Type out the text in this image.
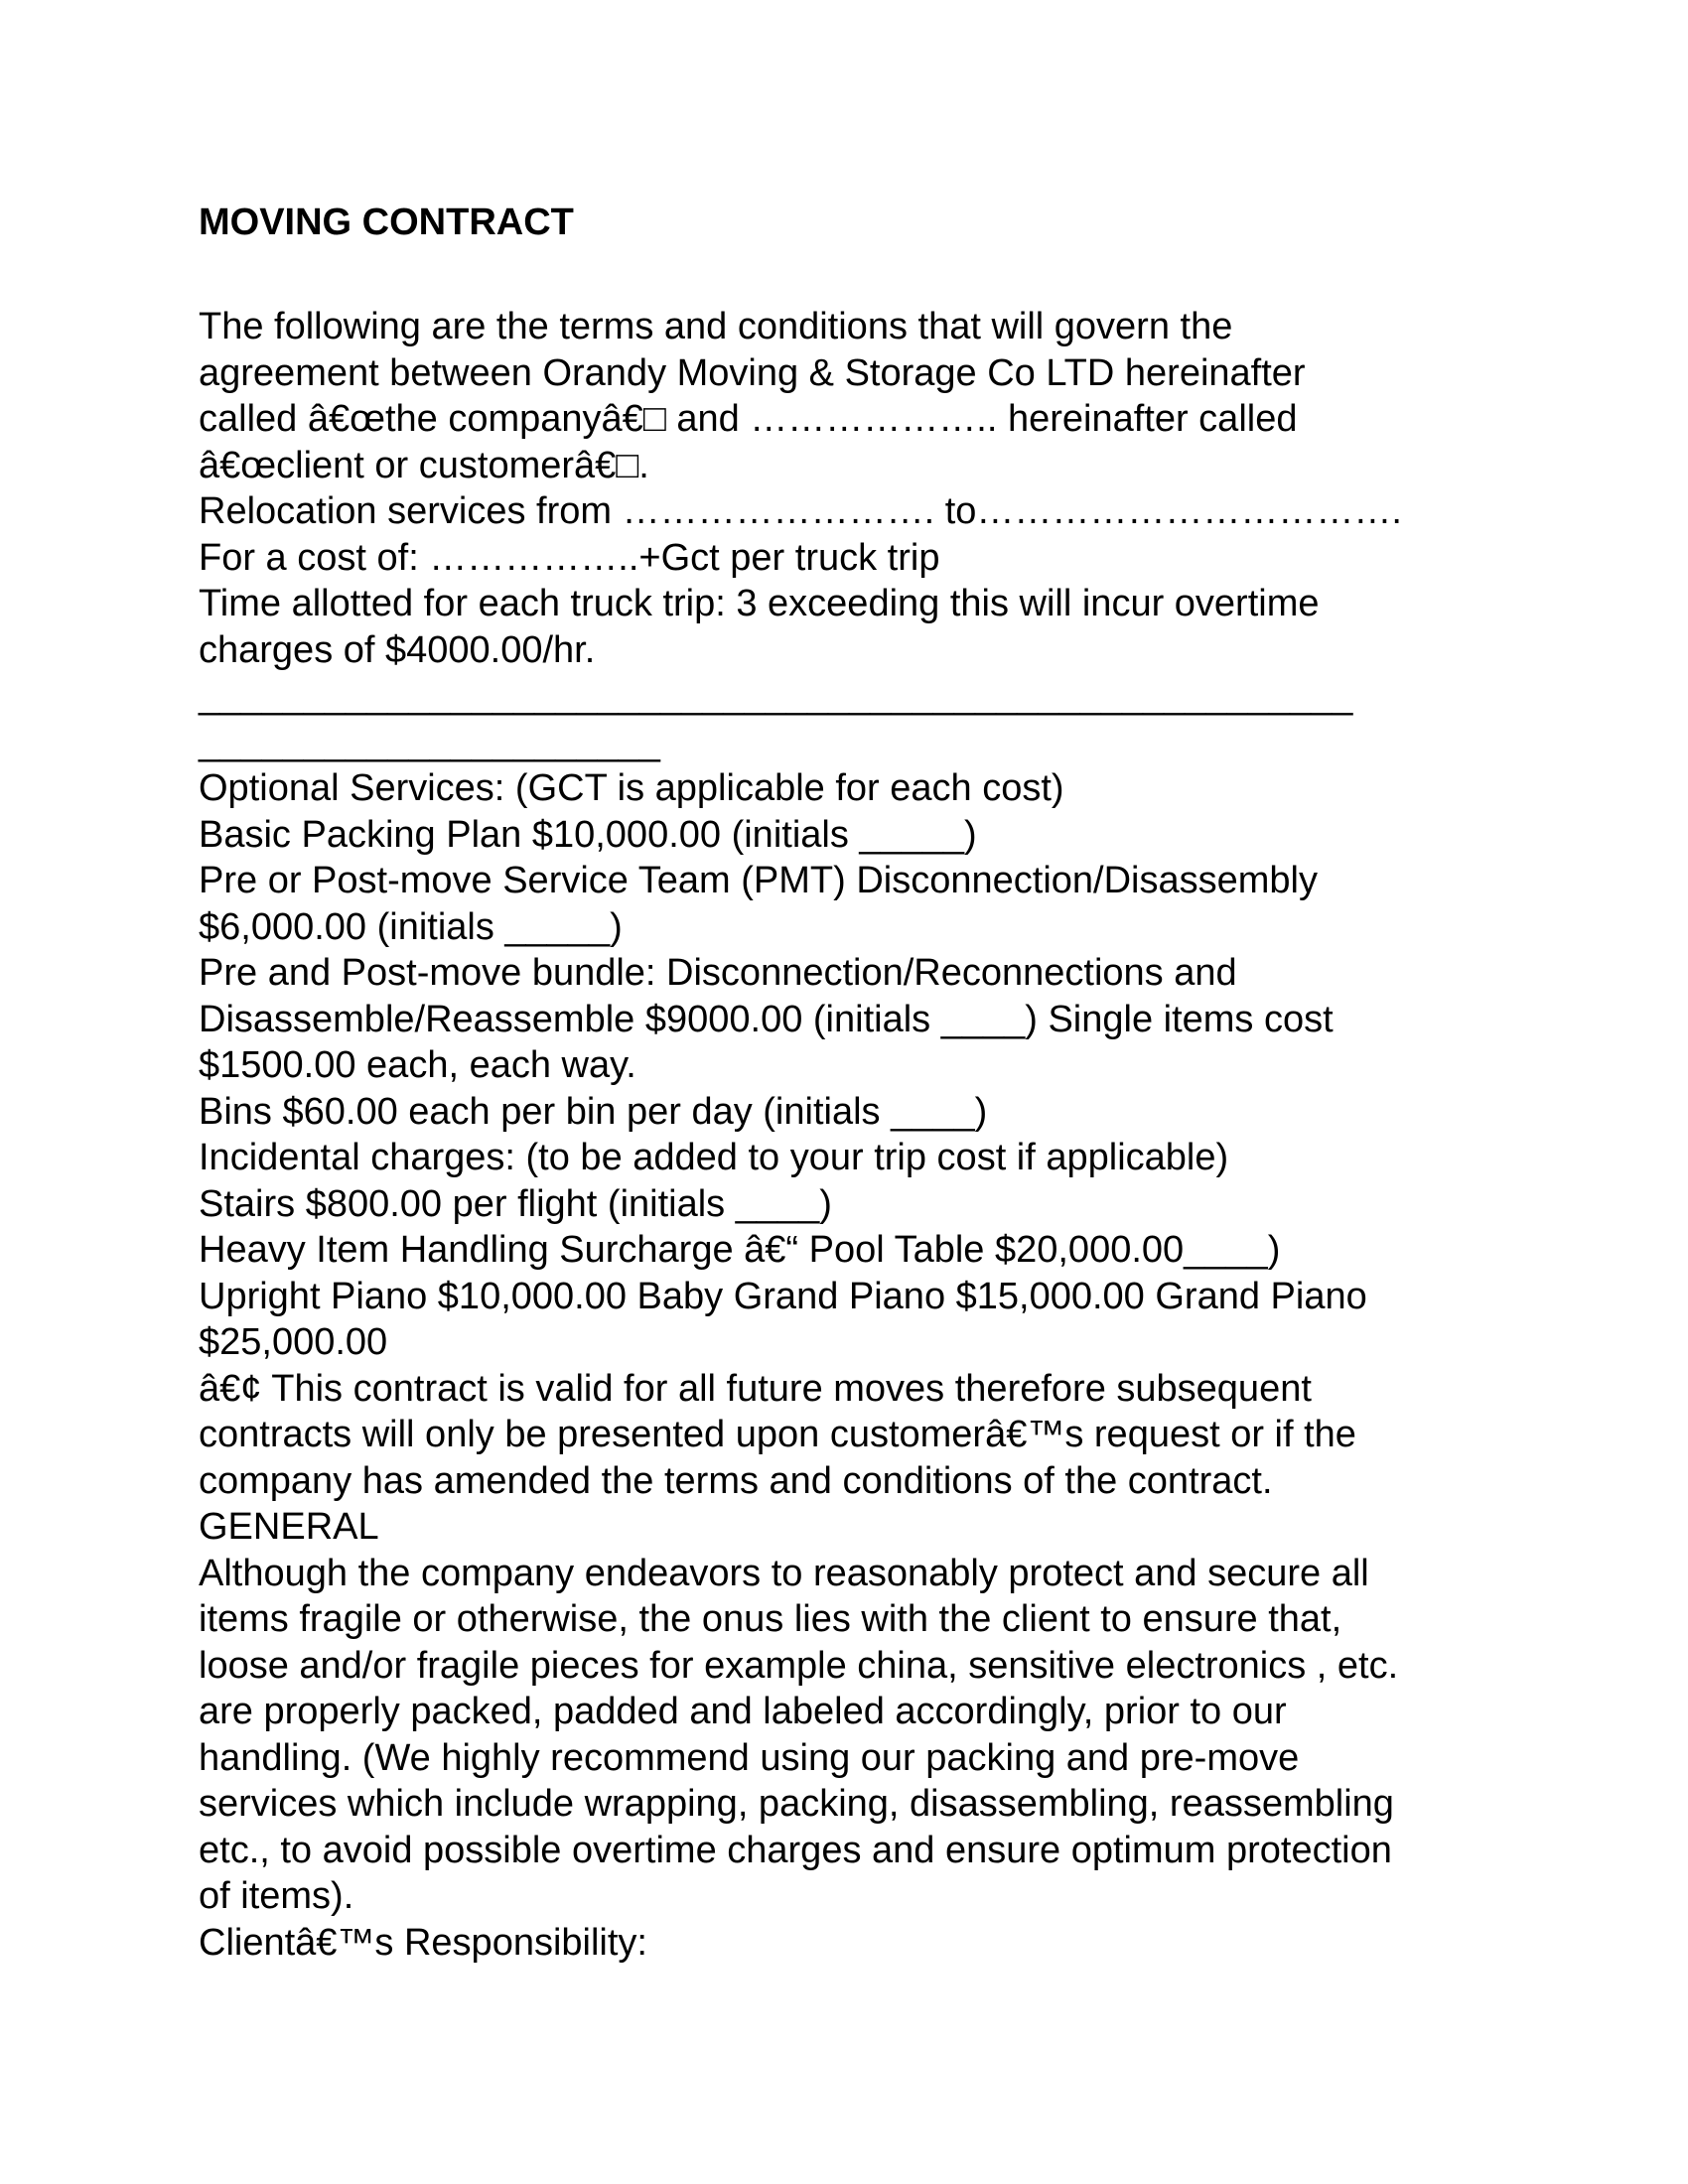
MOVING CONTRACT
The following are the terms and conditions that will govern the
agreement between Orandy Moving & Storage Co LTD hereinafter
called â€œthe companyâ€□ and ……………….. hereinafter called
â€œclient or customerâ€□.
Relocation services from ……………………. to…………………………….
For a cost of: ……………..+Gct per truck trip
Time allotted for each truck trip: 3 exceeding this will incur overtime
charges of $4000.00/hr.
_______________________________________________________
______________________
Optional Services: (GCT is applicable for each cost)
Basic Packing Plan $10,000.00 (initials _____)
Pre or Post-move Service Team (PMT) Disconnection/Disassembly
$6,000.00 (initials _____)
Pre and Post-move bundle: Disconnection/Reconnections and
Disassemble/Reassemble $9000.00 (initials ____) Single items cost
$1500.00 each, each way.
Bins $60.00 each per bin per day (initials ____)
Incidental charges: (to be added to your trip cost if applicable)
Stairs $800.00 per flight (initials ____)
Heavy Item Handling Surcharge â€“ Pool Table $20,000.00____)
Upright Piano $10,000.00 Baby Grand Piano $15,000.00 Grand Piano
$25,000.00
â€¢ This contract is valid for all future moves therefore subsequent
contracts will only be presented upon customerâ€™s request or if the
company has amended the terms and conditions of the contract.
GENERAL
Although the company endeavors to reasonably protect and secure all
items fragile or otherwise, the onus lies with the client to ensure that,
loose and/or fragile pieces for example china, sensitive electronics , etc.
are properly packed, padded and labeled accordingly, prior to our
handling. (We highly recommend using our packing and pre-move
services which include wrapping, packing, disassembling, reassembling
etc., to avoid possible overtime charges and ensure optimum protection
of items).
Clientâ€™s Responsibility:
